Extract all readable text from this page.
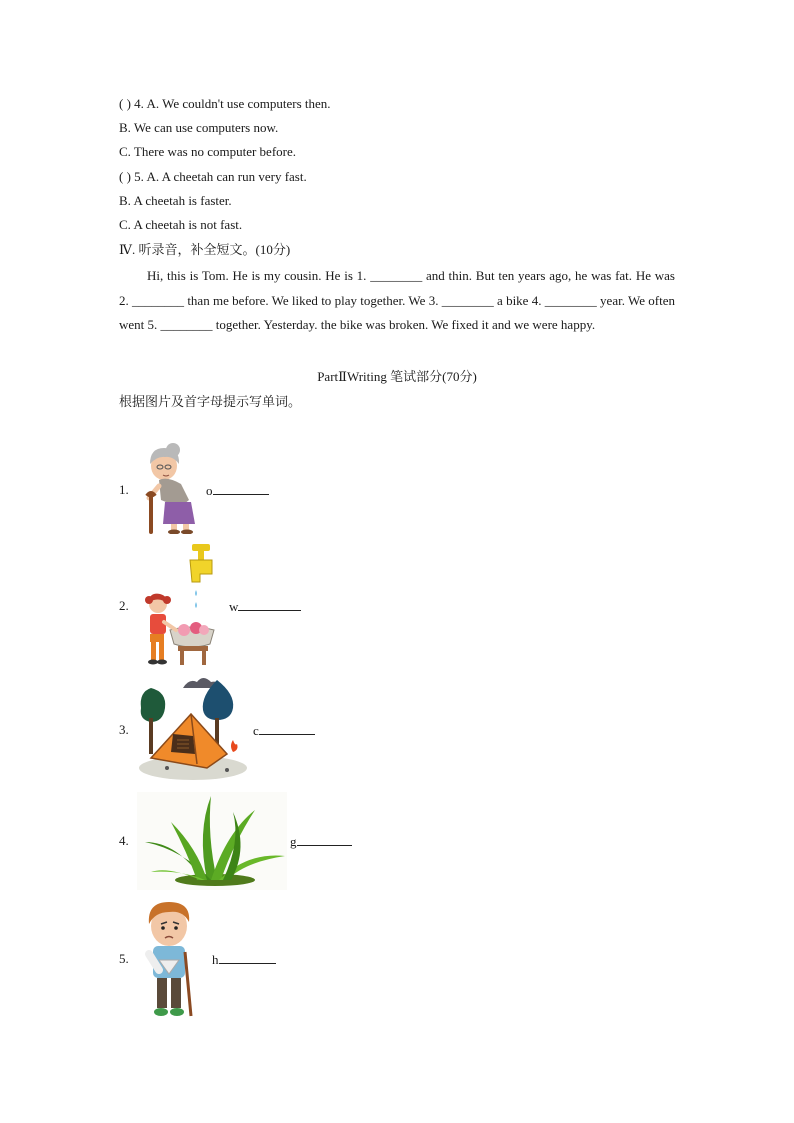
( ) 4. A. We couldn't use computers then.
B. We can use computers now.
C. There was no computer before.
( ) 5. A. A cheetah can run very fast.
B. A cheetah is faster.
C. A cheetah is not fast.
Ⅳ. 听录音，补全短文。(10分)

Hi, this is Tom. He is my cousin. He is 1. ________ and thin. But ten years ago, he was fat. He was 2. ________ than me before. We liked to play together. We 3. ________ a bike 4. ________ year. We often went 5. ________ together. Yesterday. the bike was broken. We fixed it and we were happy.

PartⅡWriting 笔试部分(70分)
根据图片及首字母提示写单词。
1.	o
2.	w
3.	c
4.	g
5.	h
